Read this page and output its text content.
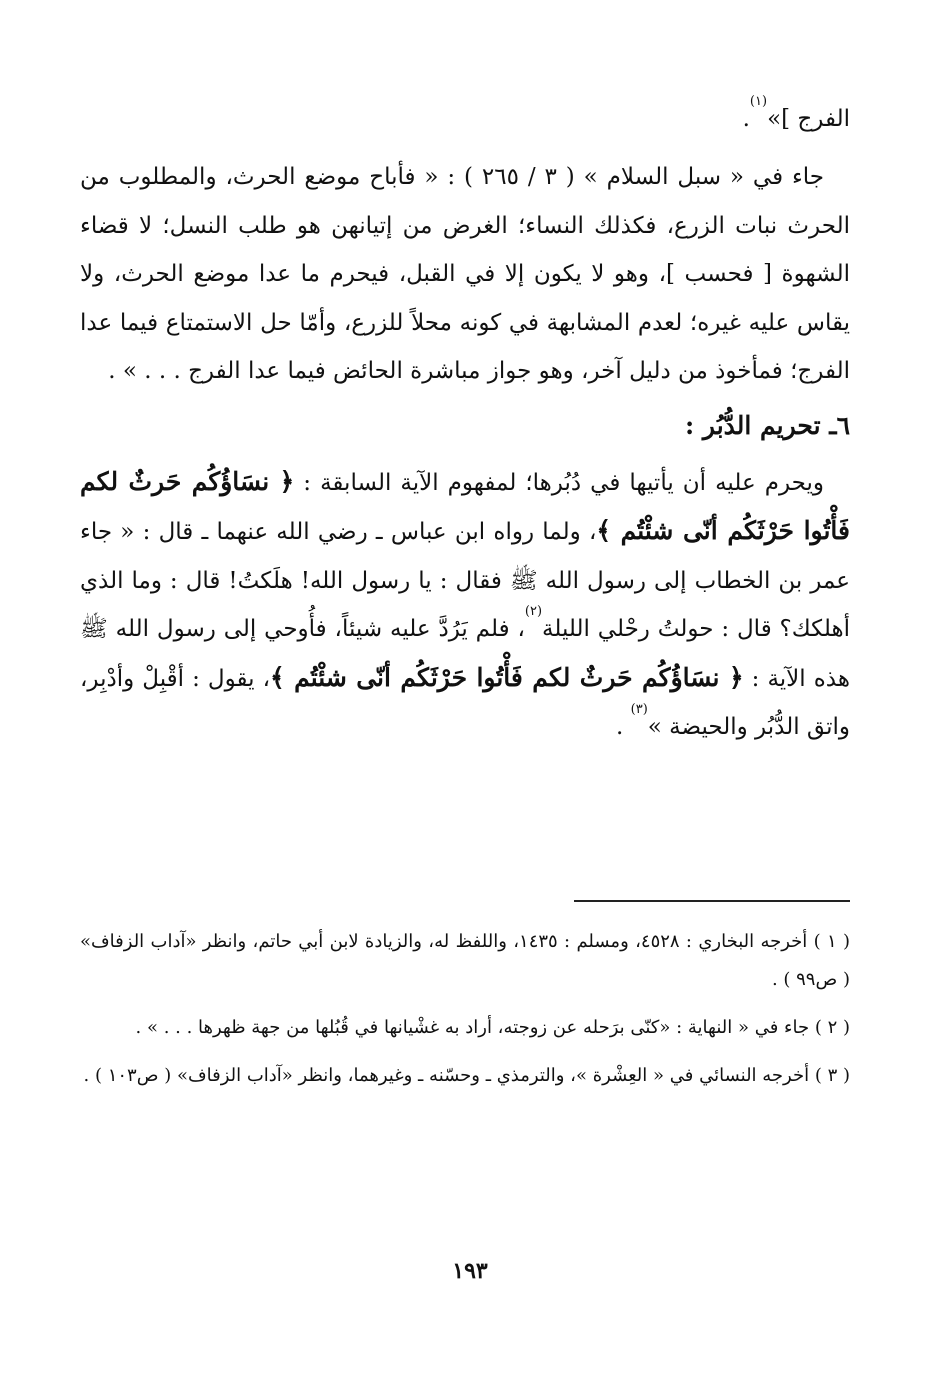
الفرج ]»$^{(١)}$.

جاء في « سبل السلام » ( ٣ / ٢٦٥ ) : « فأباح موضع الحرث، والمطلوب من الحرث نبات الزرع، فكذلك النساء؛ الغرض من إتيانهن هو طلب النسل؛ لا قضاء الشهوة [ فحسب ]، وهو لا يكون إلا في القبل، فيحرم ما عدا موضع الحرث، ولا يقاس عليه غيره؛ لعدم المشابهة في كونه محلاً للزرع، وأمّا حل الاستمتاع فيما عدا الفرج؛ فمأخوذ من دليل آخر، وهو جواز مباشرة الحائض فيما عدا الفرج . . . » .

٦ـ تحريم الدُّبُر :

ويحرم عليه أن يأتيها في دُبُرها؛ لمفهوم الآية السابقة : ﴿ نسَاؤُكُم حَرثٌ لكم فَأْتُوا حَرْثَكُم أنّى شئْتُم ﴾، ولما رواه ابن عباس ـ رضي الله عنهما ـ قال : « جاء عمر بن الخطاب إلى رسول الله ﷺ فقال : يا رسول الله! هلَكتُ! قال : وما الذي أهلكك؟ قال : حولتُ رحْلي الليلة$^{(٢)}$، فلم يَرُدَّ عليه شيئاً، فأُوحي إلى رسول الله ﷺ هذه الآية : ﴿ نسَاؤُكُم حَرثٌ لكم فَأْتُوا حَرْثَكُم أنّى شئْتُم ﴾، يقول : أقْبِلْ وأدْبِر، واتق الدُّبُر والحيضة »$^{(٣)}$ .

( ١ ) أخرجه البخاري : ٤٥٢٨، ومسلم : ١٤٣٥، واللفظ له، والزيادة لابن أبي حاتم، وانظر «آداب الزفاف» ( ص٩٩ ) .

( ٢ ) جاء في « النهاية : «كنّى برَحله عن زوجته، أراد به غشْيانها في قُبُلها من جهة ظهرها . . . » .

( ٣ ) أخرجه النسائي في « العِشْرة »، والترمذي ـ وحسّنه ـ وغيرهما، وانظر «آداب الزفاف» ( ص١٠٣ ) .

١٩٣
